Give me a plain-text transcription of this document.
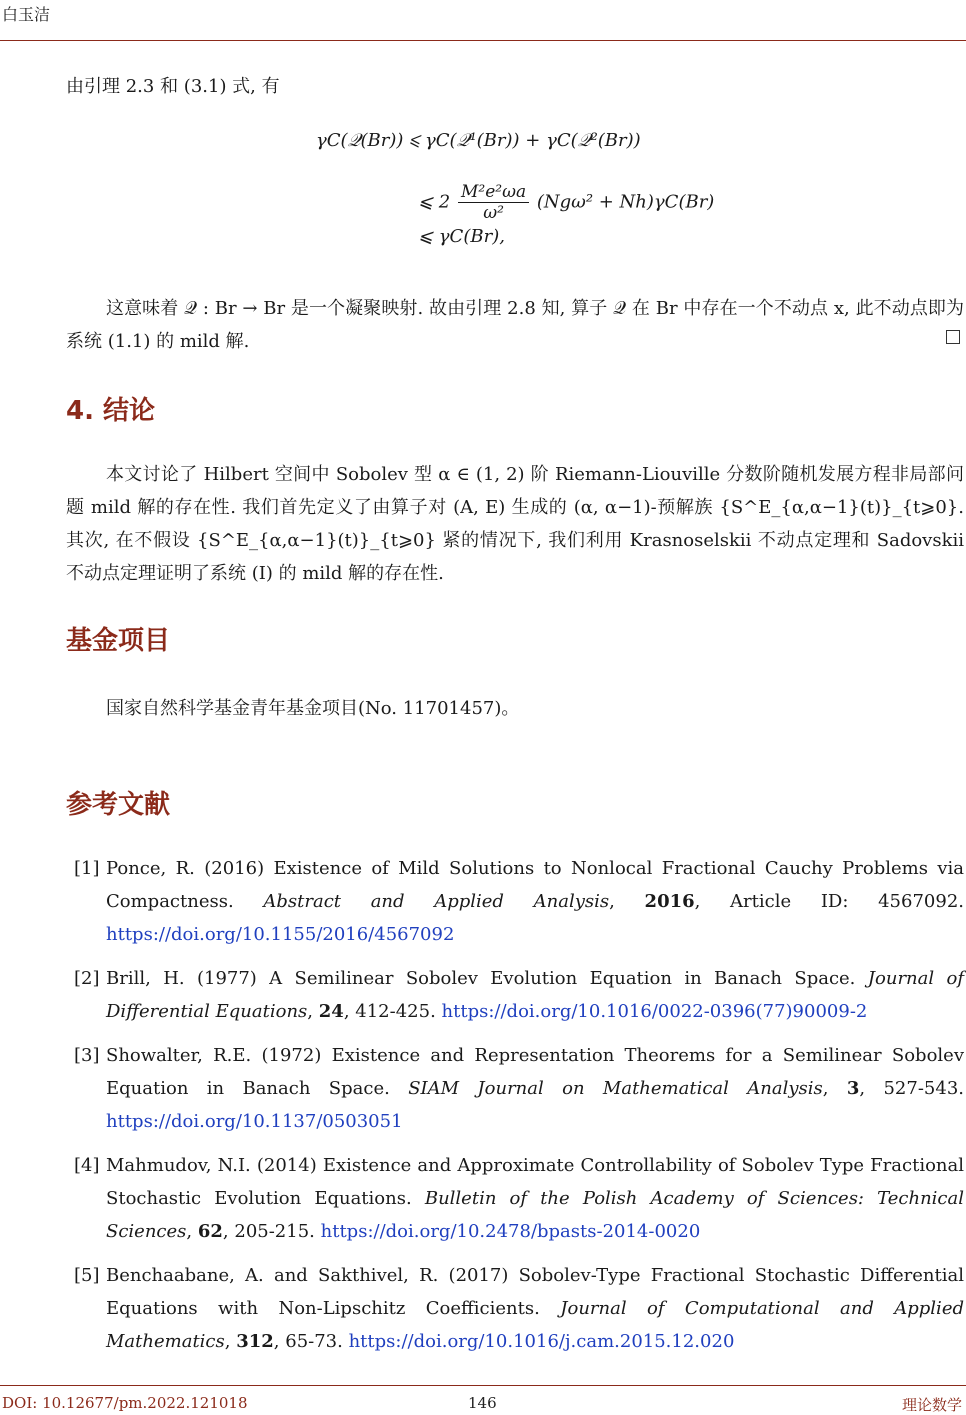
白玉洁
由引理 2.3 和 (3.1) 式, 有
γC(𝒬(Br)) ⩽ γC(𝒬¹(Br)) + γC(𝒬²(Br))
⩽ $2 \frac{\text{M²e²ωa}}{\text{ω²}} (Ng\omega^2 + Nh)\gamma C(Br)$
⩽ γC(Br),
这意味着 𝒬 : Br → Br 是一个凝聚映射. 故由引理 2.8 知, 算子 𝒬 在 Br 中存在一个不动点 x, 此不动点即为系统 (1.1) 的 mild 解.
4. 结论
本文讨论了 Hilbert 空间中 Sobolev 型 α ∈ (1, 2) 阶 Riemann-Liouville 分数阶随机发展方程非局部问题 mild 解的存在性. 我们首先定义了由算子对 (A, E) 生成的 (α, α−1)-预解族 {S^E_{α,α−1}(t)}_{t⩾0}. 其次, 在不假设 {S^E_{α,α−1}(t)}_{t⩾0} 紧的情况下, 我们利用 Krasnoselskii 不动点定理和 Sadovskii 不动点定理证明了系统 (I) 的 mild 解的存在性.
基金项目
国家自然科学基金青年基金项目(No. 11701457)。
参考文献
[1] Ponce, R. (2016) Existence of Mild Solutions to Nonlocal Fractional Cauchy Problems via Compactness. Abstract and Applied Analysis, 2016, Article ID: 4567092. https://doi.org/10.1155/2016/4567092
[2] Brill, H. (1977) A Semilinear Sobolev Evolution Equation in Banach Space. Journal of Differential Equations, 24, 412-425. https://doi.org/10.1016/0022-0396(77)90009-2
[3] Showalter, R.E. (1972) Existence and Representation Theorems for a Semilinear Sobolev Equation in Banach Space. SIAM Journal on Mathematical Analysis, 3, 527-543. https://doi.org/10.1137/0503051
[4] Mahmudov, N.I. (2014) Existence and Approximate Controllability of Sobolev Type Fractional Stochastic Evolution Equations. Bulletin of the Polish Academy of Sciences: Technical Sciences, 62, 205-215. https://doi.org/10.2478/bpasts-2014-0020
[5] Benchaabane, A. and Sakthivel, R. (2017) Sobolev-Type Fractional Stochastic Differential Equations with Non-Lipschitz Coefficients. Journal of Computational and Applied Mathematics, 312, 65-73. https://doi.org/10.1016/j.cam.2015.12.020
DOI: 10.12677/pm.2022.121018	146	理论数学
